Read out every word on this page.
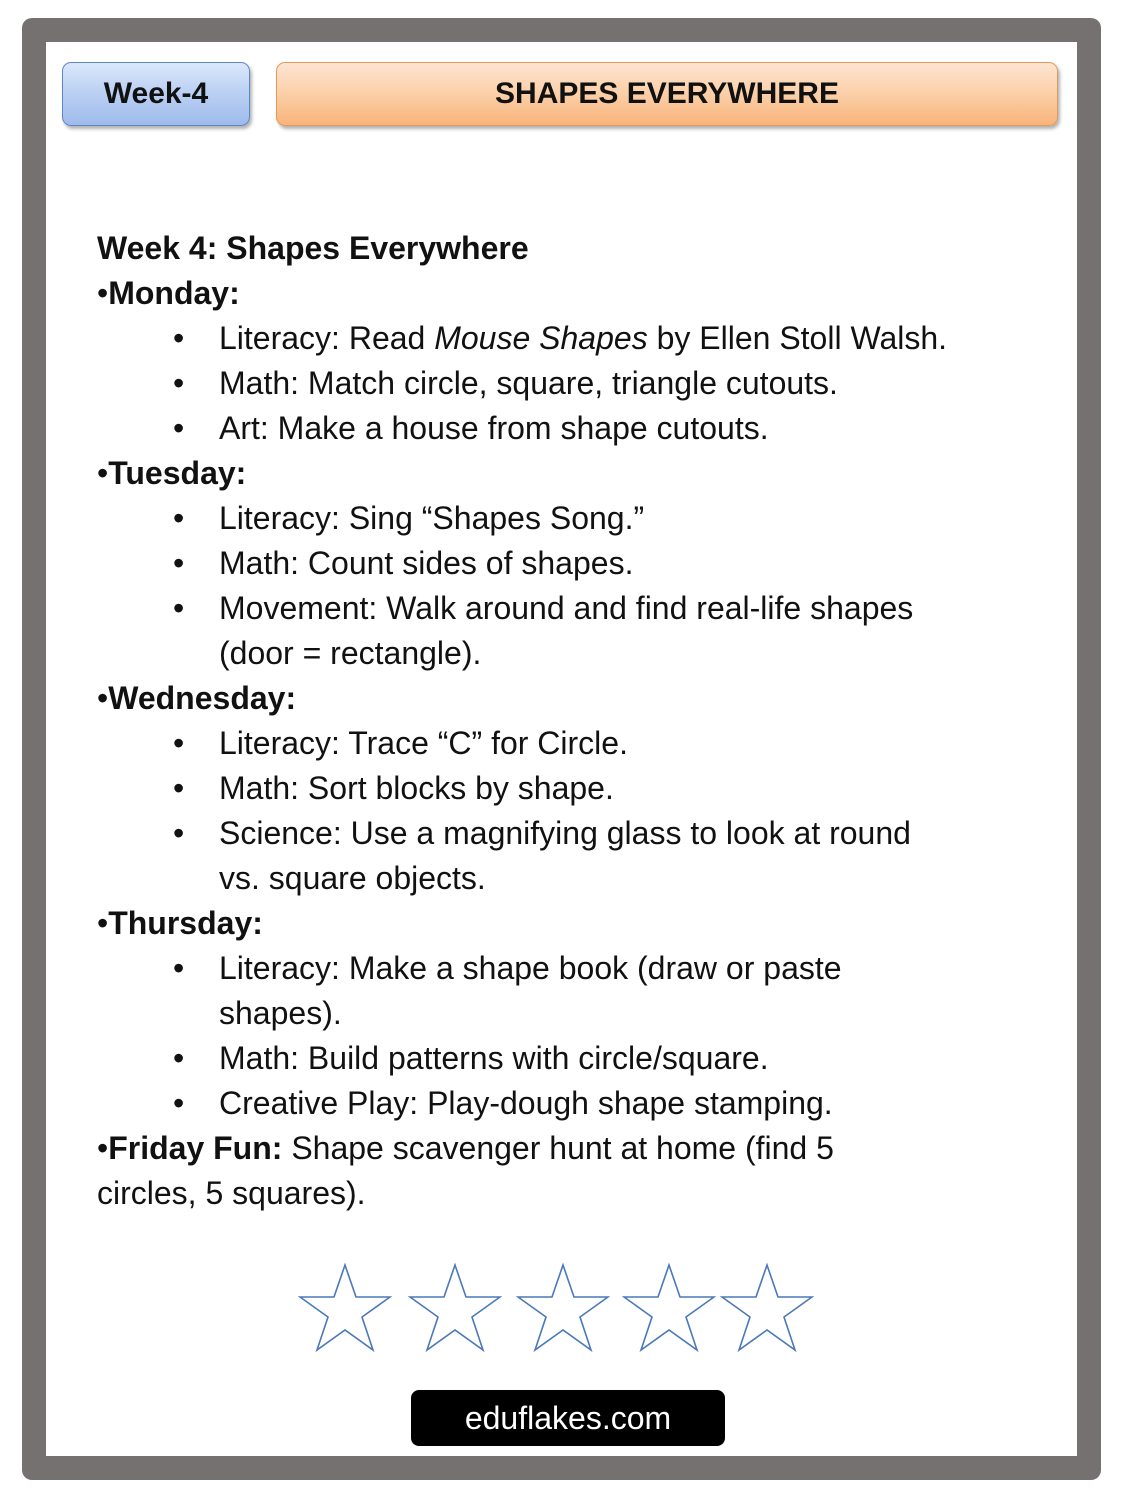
Week-4	SHAPES EVERYWHERE
Week 4: Shapes Everywhere
•Monday:
• Literacy: Read Mouse Shapes by Ellen Stoll Walsh.
• Math: Match circle, square, triangle cutouts.
• Art: Make a house from shape cutouts.
•Tuesday:
• Literacy: Sing “Shapes Song.”
• Math: Count sides of shapes.
• Movement: Walk around and find real-life shapes
(door = rectangle).
•Wednesday:
• Literacy: Trace “C” for Circle.
• Math: Sort blocks by shape.
• Science: Use a magnifying glass to look at round
vs. square objects.
•Thursday:
• Literacy: Make a shape book (draw or paste
shapes).
• Math: Build patterns with circle/square.
• Creative Play: Play-dough shape stamping.
•Friday Fun: Shape scavenger hunt at home (find 5
circles, 5 squares).
eduflakes.com
